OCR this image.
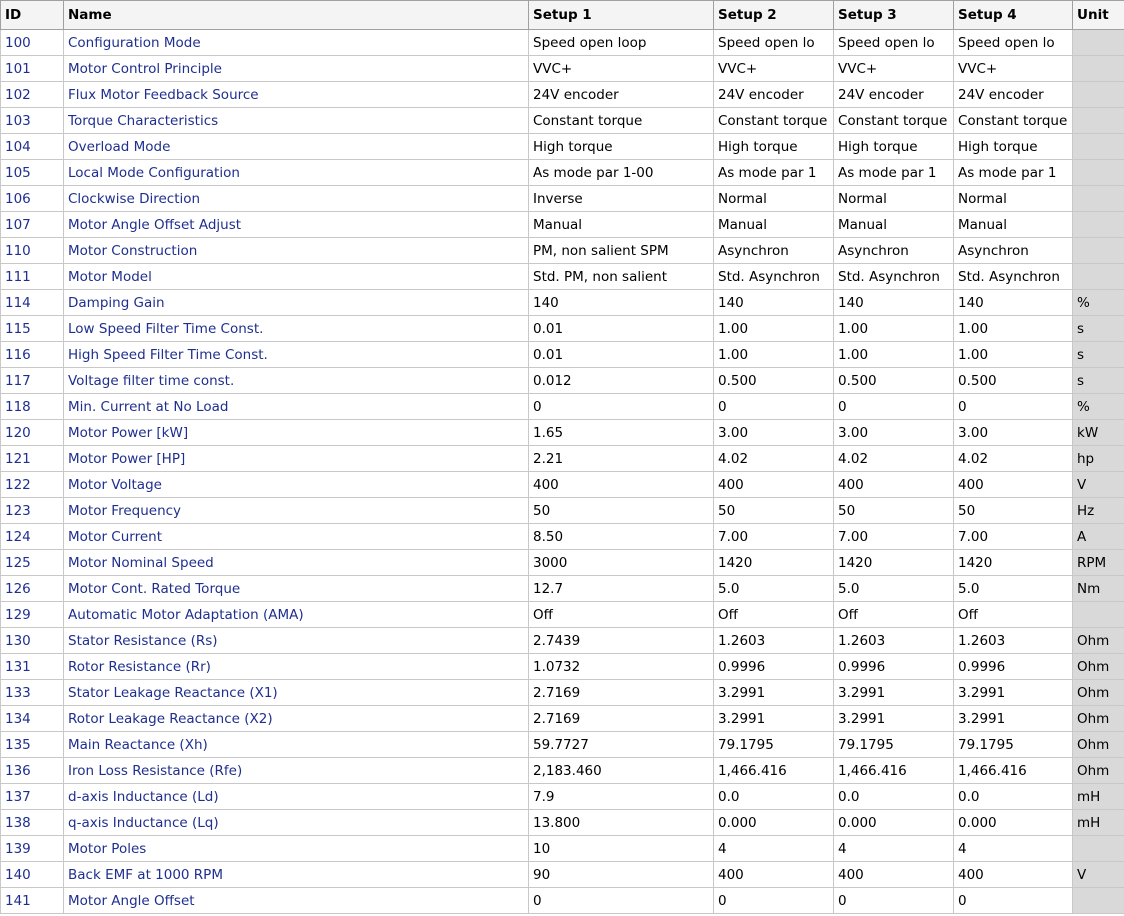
ID	Name	Setup 1	Setup 2	Setup 3	Setup 4	Unit
100	Configuration Mode	Speed open loop	Speed open lo	Speed open lo	Speed open lo	
101	Motor Control Principle	VVC+	VVC+	VVC+	VVC+	
102	Flux Motor Feedback Source	24V encoder	24V encoder	24V encoder	24V encoder	
103	Torque Characteristics	Constant torque	Constant torque	Constant torque	Constant torque	
104	Overload Mode	High torque	High torque	High torque	High torque	
105	Local Mode Configuration	As mode par 1-00	As mode par 1	As mode par 1	As mode par 1	
106	Clockwise Direction	Inverse	Normal	Normal	Normal	
107	Motor Angle Offset Adjust	Manual	Manual	Manual	Manual	
110	Motor Construction	PM, non salient SPM	Asynchron	Asynchron	Asynchron	
111	Motor Model	Std. PM, non salient	Std. Asynchron	Std. Asynchron	Std. Asynchron	
114	Damping Gain	140	140	140	140	%
115	Low Speed Filter Time Const.	0.01	1.00	1.00	1.00	s
116	High Speed Filter Time Const.	0.01	1.00	1.00	1.00	s
117	Voltage filter time const.	0.012	0.500	0.500	0.500	s
118	Min. Current at No Load	0	0	0	0	%
120	Motor Power [kW]	1.65	3.00	3.00	3.00	kW
121	Motor Power [HP]	2.21	4.02	4.02	4.02	hp
122	Motor Voltage	400	400	400	400	V
123	Motor Frequency	50	50	50	50	Hz
124	Motor Current	8.50	7.00	7.00	7.00	A
125	Motor Nominal Speed	3000	1420	1420	1420	RPM
126	Motor Cont. Rated Torque	12.7	5.0	5.0	5.0	Nm
129	Automatic Motor Adaptation (AMA)	Off	Off	Off	Off	
130	Stator Resistance (Rs)	2.7439	1.2603	1.2603	1.2603	Ohm
131	Rotor Resistance (Rr)	1.0732	0.9996	0.9996	0.9996	Ohm
133	Stator Leakage Reactance (X1)	2.7169	3.2991	3.2991	3.2991	Ohm
134	Rotor Leakage Reactance (X2)	2.7169	3.2991	3.2991	3.2991	Ohm
135	Main Reactance (Xh)	59.7727	79.1795	79.1795	79.1795	Ohm
136	Iron Loss Resistance (Rfe)	2,183.460	1,466.416	1,466.416	1,466.416	Ohm
137	d-axis Inductance (Ld)	7.9	0.0	0.0	0.0	mH
138	q-axis Inductance (Lq)	13.800	0.000	0.000	0.000	mH
139	Motor Poles	10	4	4	4	
140	Back EMF at 1000 RPM	90	400	400	400	V
141	Motor Angle Offset	0	0	0	0	
